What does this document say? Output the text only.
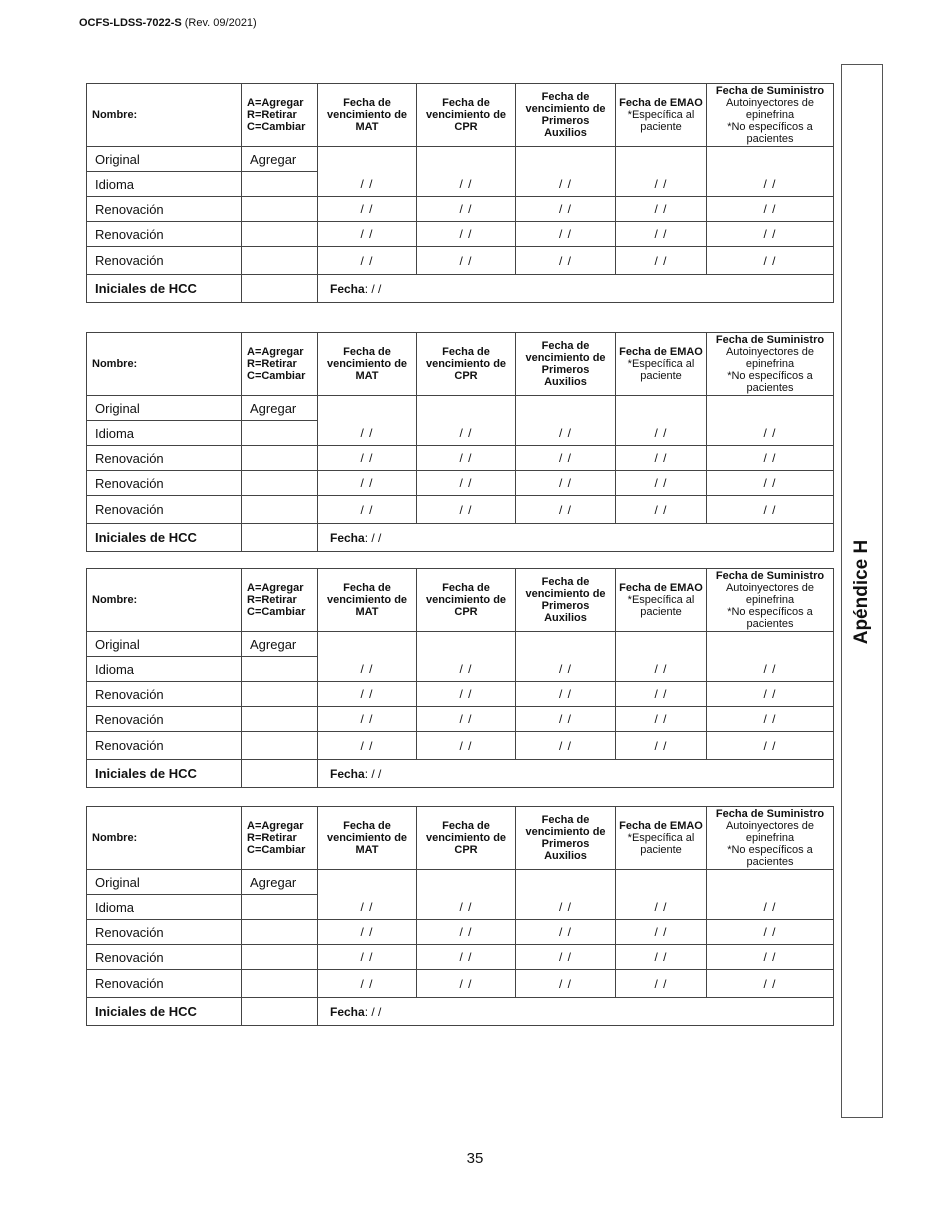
OCFS-LDSS-7022-S (Rev. 09/2021)
Apéndice H
Nombre:	A=Agregar
R=Retirar
C=Cambiar	Fecha de
vencimiento de
MAT	Fecha de
vencimiento de
CPR	Fecha de
vencimiento de
Primeros
Auxilios	Fecha de EMAO
*Específica al paciente	Fecha de Suministro
Autoinyectores de
epinefrina
*No específicos a
pacientes
Original	Agregar					
Idioma		/ /	/ /	/ /	/ /	/ /
Renovación		/ /	/ /	/ /	/ /	/ /
Renovación		/ /	/ /	/ /	/ /	/ /
Renovación		/ /	/ /	/ /	/ /	/ /
Iniciales de HCC		Fecha: / /				
Nombre:	A=Agregar
R=Retirar
C=Cambiar	Fecha de
vencimiento de
MAT	Fecha de
vencimiento de
CPR	Fecha de
vencimiento de
Primeros
Auxilios	Fecha de EMAO
*Específica al paciente	Fecha de Suministro
Autoinyectores de
epinefrina
*No específicos a
pacientes
Original	Agregar					
Idioma		/ /	/ /	/ /	/ /	/ /
Renovación		/ /	/ /	/ /	/ /	/ /
Renovación		/ /	/ /	/ /	/ /	/ /
Renovación		/ /	/ /	/ /	/ /	/ /
Iniciales de HCC		Fecha: / /				
Nombre:	A=Agregar
R=Retirar
C=Cambiar	Fecha de
vencimiento de
MAT	Fecha de
vencimiento de
CPR	Fecha de
vencimiento de
Primeros
Auxilios	Fecha de EMAO
*Específica al paciente	Fecha de Suministro
Autoinyectores de
epinefrina
*No específicos a
pacientes
Original	Agregar					
Idioma		/ /	/ /	/ /	/ /	/ /
Renovación		/ /	/ /	/ /	/ /	/ /
Renovación		/ /	/ /	/ /	/ /	/ /
Renovación		/ /	/ /	/ /	/ /	/ /
Iniciales de HCC		Fecha: / /				
Nombre:	A=Agregar
R=Retirar
C=Cambiar	Fecha de
vencimiento de
MAT	Fecha de
vencimiento de
CPR	Fecha de
vencimiento de
Primeros
Auxilios	Fecha de EMAO
*Específica al paciente	Fecha de Suministro
Autoinyectores de
epinefrina
*No específicos a
pacientes
Original	Agregar					
Idioma		/ /	/ /	/ /	/ /	/ /
Renovación		/ /	/ /	/ /	/ /	/ /
Renovación		/ /	/ /	/ /	/ /	/ /
Renovación		/ /	/ /	/ /	/ /	/ /
Iniciales de HCC		Fecha: / /				
35
